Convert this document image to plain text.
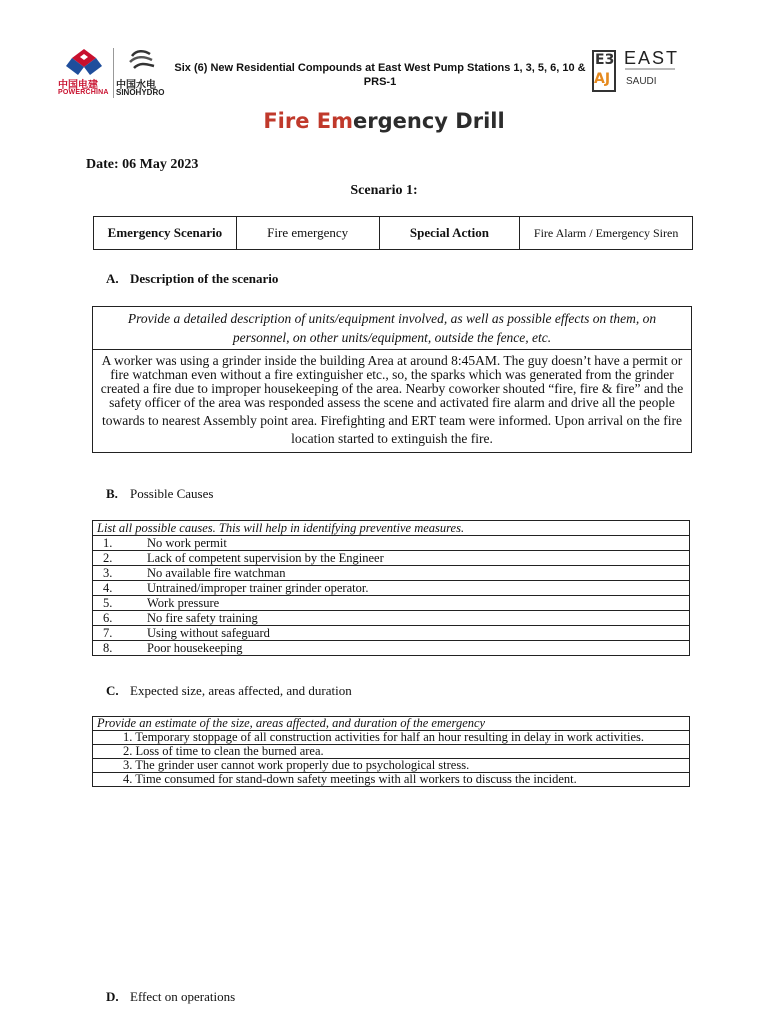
中国电建
POWERCHINA
中国水电
SINOHYDRO
Six (6) New Residential Compounds at East West Pump Stations 1, 3, 5, 6, 10 & PRS-1
E3
AJ
EAST
SAUDI
Fire Emergency Drill
Date: 06 May 2023
Scenario 1:
Emergency Scenario	Fire emergency	Special Action	Fire Alarm / Emergency Siren
A. Description of the scenario
Provide a detailed description of units/equipment involved, as well as possible effects on them, on personnel, on other units/equipment, outside the fence, etc.

A worker was using a grinder inside the building Area at around 8:45AM. The guy doesn’t have a permit or fire watchman even without a fire extinguisher etc., so, the sparks which was generated from the grinder created a fire due to improper housekeeping of the area. Nearby coworker shouted “fire, fire & fire” and the safety officer of the area was responded assess the scene and activated fire alarm and drive all the people
towards to nearest Assembly point area. Firefighting and ERT team were informed. Upon arrival on the fire location started to extinguish the fire.
B. Possible Causes
List all possible causes. This will help in identifying preventive measures.
1.	No work permit
2.	Lack of competent supervision by the Engineer
3.	No available fire watchman
4.	Untrained/improper trainer grinder operator.
5.	Work pressure
6.	No fire safety training
7.	Using without safeguard
8.	Poor housekeeping
C. Expected size, areas affected, and duration
Provide an estimate of the size, areas affected, and duration of the emergency
1. Temporary stoppage of all construction activities for half an hour resulting in delay in work activities.
2. Loss of time to clean the burned area.
3. The grinder user cannot work properly due to psychological stress.
4. Time consumed for stand-down safety meetings with all workers to discuss the incident.
D. Effect on operations
